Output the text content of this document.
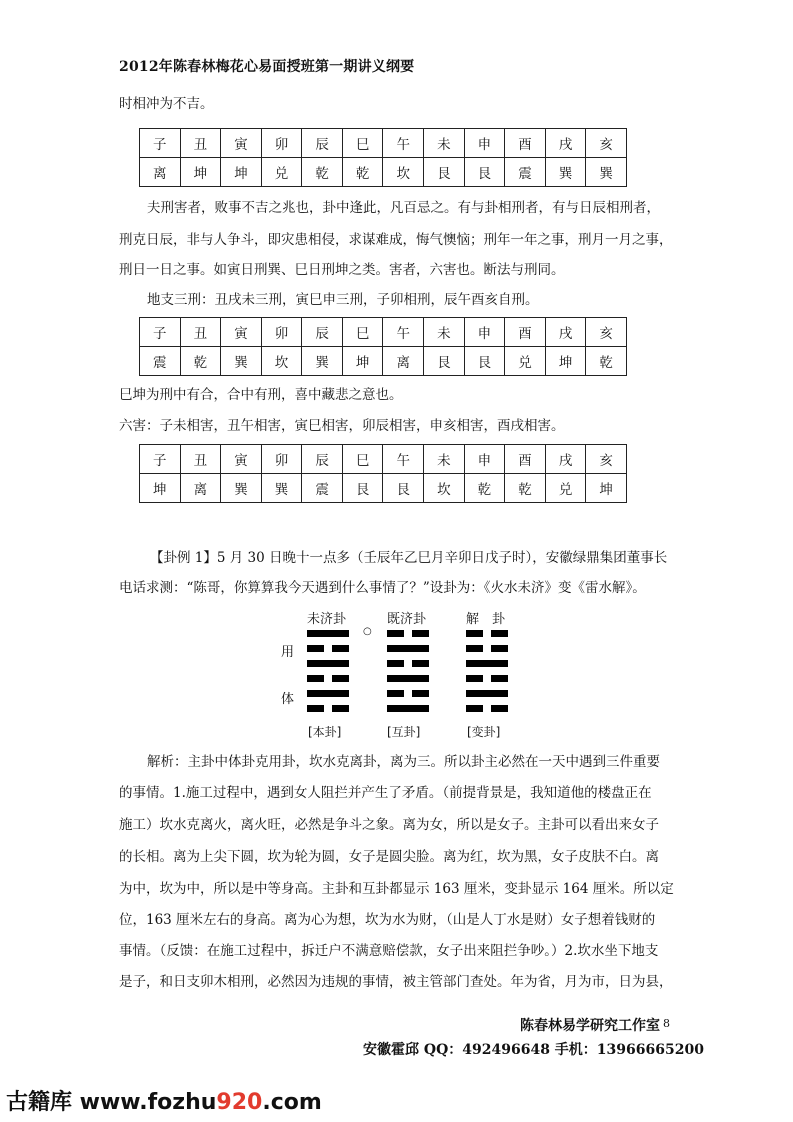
2012年陈春林梅花心易面授班第一期讲义纲要
时相冲为不吉。
子	丑	寅	卯	辰	巳	午	未	申	酉	戌	亥
离	坤	坤	兑	乾	乾	坎	艮	艮	震	巽	巽
夫刑害者，败事不吉之兆也，卦中逢此，凡百忌之。有与卦相刑者，有与日辰相刑者，
刑克日辰，非与人争斗，即灾患相侵，求谋难成，悔气懊恼；刑年一年之事，刑月一月之事，
刑日一日之事。如寅日刑巽、巳日刑坤之类。害者，六害也。断法与刑同。
地支三刑：丑戌未三刑，寅巳申三刑，子卯相刑，辰午酉亥自刑。
子	丑	寅	卯	辰	巳	午	未	申	酉	戌	亥
震	乾	巽	坎	巽	坤	离	艮	艮	兑	坤	乾
巳坤为刑中有合，合中有刑，喜中藏悲之意也。
六害：子未相害，丑午相害，寅巳相害，卯辰相害，申亥相害，酉戌相害。
子	丑	寅	卯	辰	巳	午	未	申	酉	戌	亥
坤	离	巽	巽	震	艮	艮	坎	乾	乾	兑	坤
【卦例 1】5 月 30 日晚十一点多（壬辰年乙巳月辛卯日戊子时），安徽绿鼎集团董事长
电话求测：“陈哥，你算算我今天遇到什么事情了？”设卦为：《火水未济》变《雷水解》。
未济卦	既济卦	解　卦
○
用
体
[本卦]	[互卦]	[变卦]
解析：主卦中体卦克用卦，坎水克离卦，离为三。所以卦主必然在一天中遇到三件重要
的事情。1.施工过程中，遇到女人阻拦并产生了矛盾。（前提背景是，我知道他的楼盘正在
施工）坎水克离火，离火旺，必然是争斗之象。离为女，所以是女子。主卦可以看出来女子
的长相。离为上尖下圆，坎为轮为圆，女子是圆尖脸。离为红，坎为黑，女子皮肤不白。离
为中，坎为中，所以是中等身高。主卦和互卦都显示 163 厘米，变卦显示 164 厘米。所以定
位，163 厘米左右的身高。离为心为想，坎为水为财，（山是人丁水是财）女子想着钱财的
事情。（反馈：在施工过程中，拆迁户不满意赔偿款，女子出来阻拦争吵。）2.坎水坐下地支
是子，和日支卯木相刑，必然因为违规的事情，被主管部门查处。年为省，月为市，日为县，
陈春林易学研究工作室 8
安徽霍邱 QQ：492496648 手机：13966665200
古籍库 www.fozhu920.com
